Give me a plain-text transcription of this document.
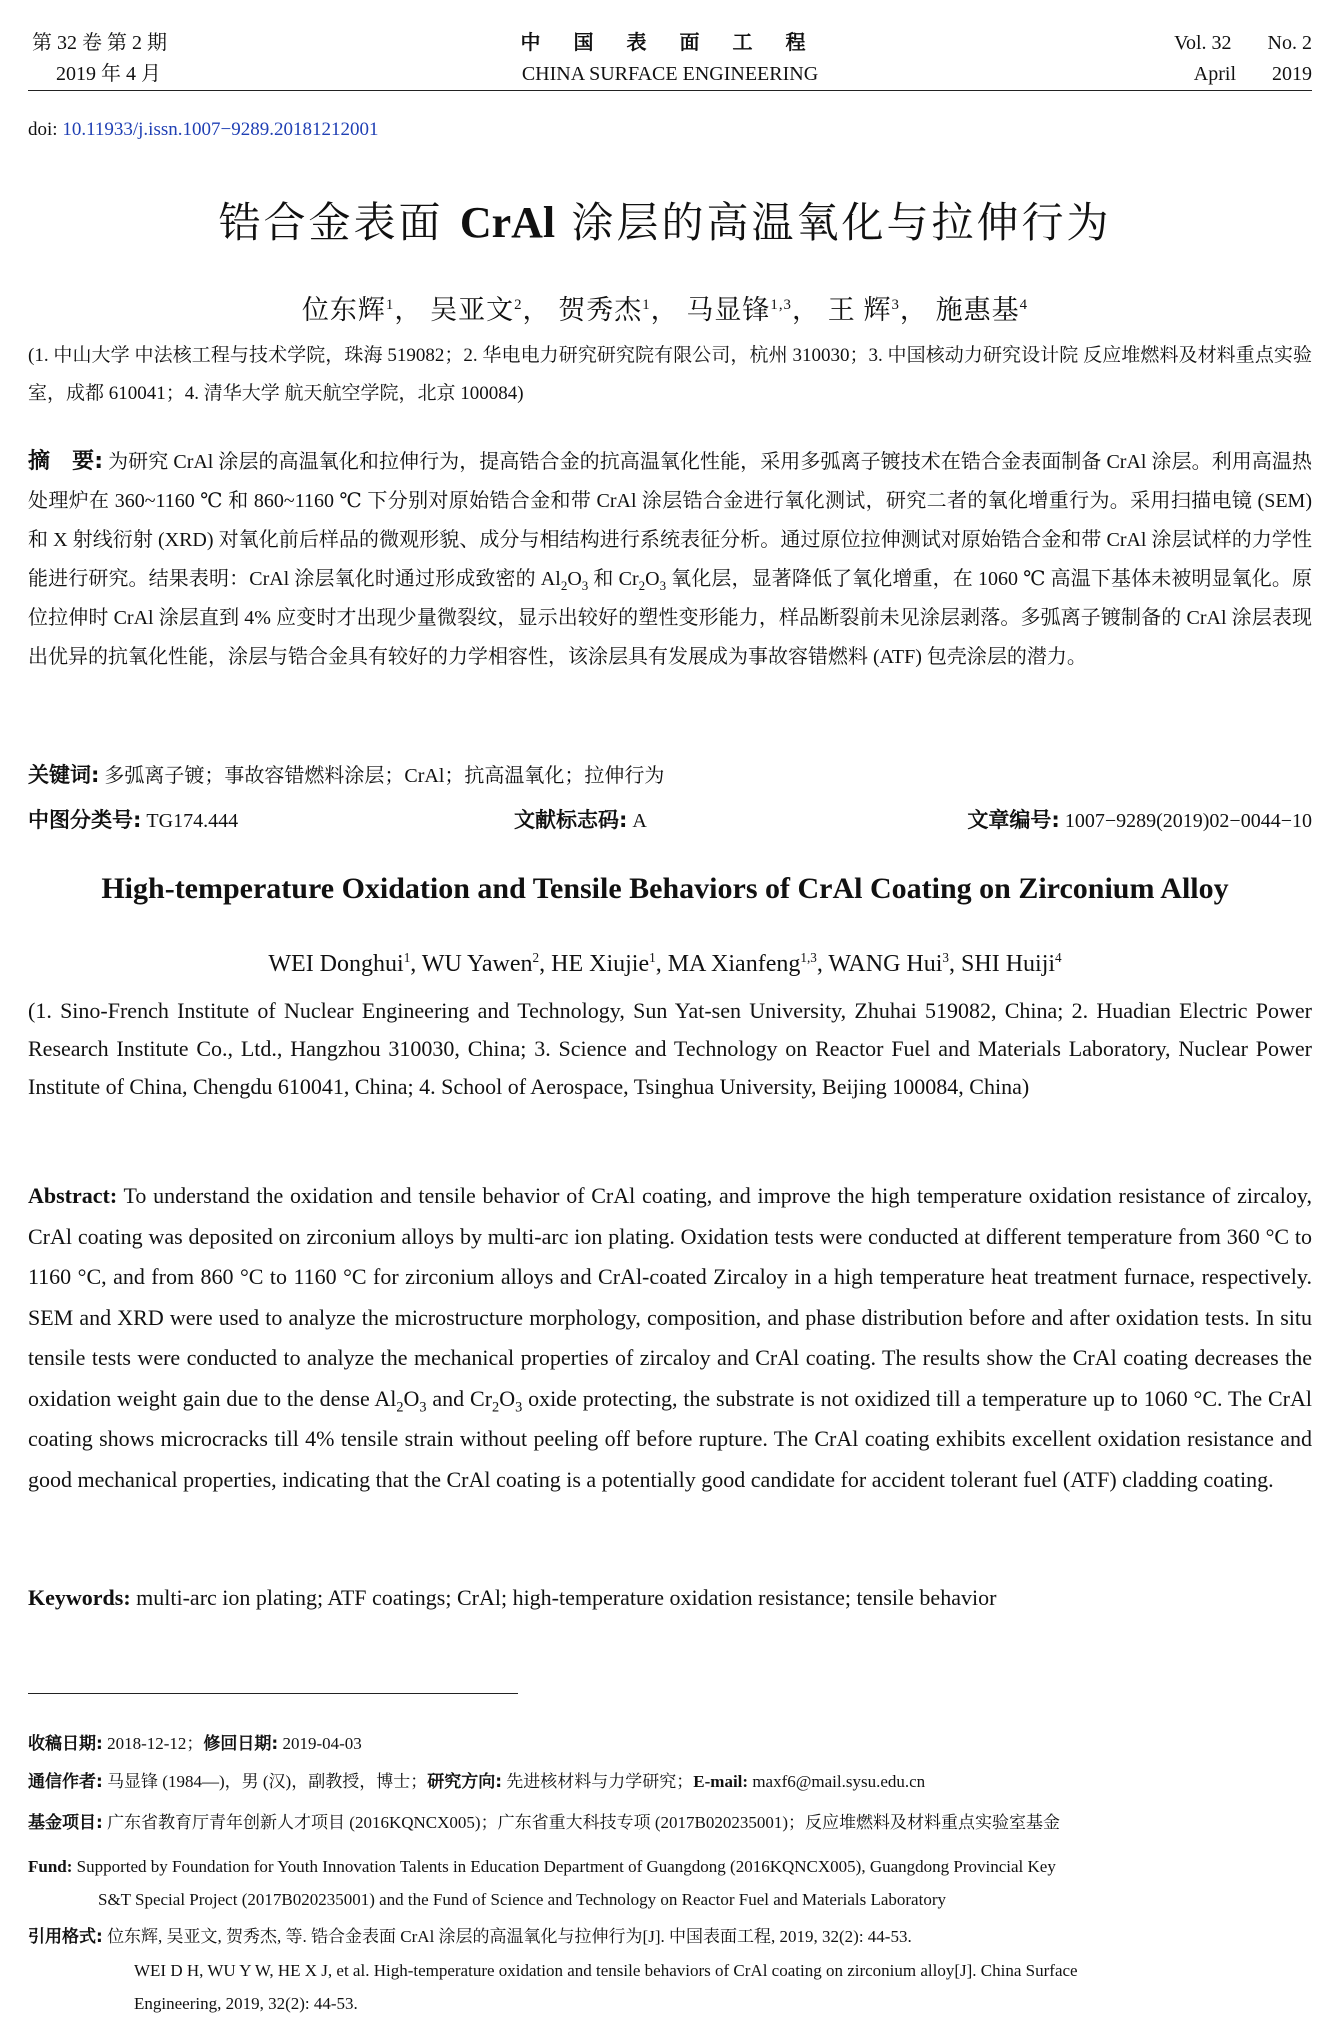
第 32 卷 第 2 期
2019 年 4 月
中 国 表 面 工 程
CHINA SURFACE ENGINEERING
Vol. 32 No. 2
April 2019
doi: 10.11933/j.issn.1007−9289.20181212001
锆合金表面 CrAl 涂层的高温氧化与拉伸行为
位东辉$^1$， 吴亚文$^2$， 贺秀杰$^1$， 马显锋$^{1,3}$， 王 辉$^3$， 施惠基$^4$
(1. 中山大学 中法核工程与技术学院，珠海 519082；2. 华电电力研究研究院有限公司，杭州 310030；3. 中国核动力研究设计院 反应堆燃料及材料重点实验室，成都 610041；4. 清华大学 航天航空学院，北京 100084)
摘　要: 为研究 CrAl 涂层的高温氧化和拉伸行为，提高锆合金的抗高温氧化性能，采用多弧离子镀技术在锆合金表面制备 CrAl 涂层。利用高温热处理炉在 360~1160 ℃ 和 860~1160 ℃ 下分别对原始锆合金和带 CrAl 涂层锆合金进行氧化测试，研究二者的氧化增重行为。采用扫描电镜 (SEM) 和 X 射线衍射 (XRD) 对氧化前后样品的微观形貌、成分与相结构进行系统表征分析。通过原位拉伸测试对原始锆合金和带 CrAl 涂层试样的力学性能进行研究。结果表明：CrAl 涂层氧化时通过形成致密的 $Al_2O_3$ 和 $Cr_2O_3$ 氧化层，显著降低了氧化增重，在 1060 ℃ 高温下基体未被明显氧化。原位拉伸时 CrAl 涂层直到 4% 应变时才出现少量微裂纹，显示出较好的塑性变形能力，样品断裂前未见涂层剥落。多弧离子镀制备的 CrAl 涂层表现出优异的抗氧化性能，涂层与锆合金具有较好的力学相容性，该涂层具有发展成为事故容错燃料 (ATF) 包壳涂层的潜力。
关键词: 多弧离子镀；事故容错燃料涂层；CrAl；抗高温氧化；拉伸行为
中图分类号: TG174.444	文献标志码: A	文章编号: 1007−9289(2019)02−0044−10
High-temperature Oxidation and Tensile Behaviors of CrAl Coating on Zirconium Alloy
WEI Donghui$^1$, WU Yawen$^2$, HE Xiujie$^1$, MA Xianfeng$^{1,3}$, WANG Hui$^3$, SHI Huiji$^4$
(1. Sino-French Institute of Nuclear Engineering and Technology, Sun Yat-sen University, Zhuhai 519082, China; 2. Huadian Electric Power Research Institute Co., Ltd., Hangzhou 310030, China; 3. Science and Technology on Reactor Fuel and Materials Laboratory, Nuclear Power Institute of China, Chengdu 610041, China; 4. School of Aerospace, Tsinghua University, Beijing 100084, China)
Abstract: To understand the oxidation and tensile behavior of CrAl coating, and improve the high temperature oxidation resistance of zircaloy, CrAl coating was deposited on zirconium alloys by multi-arc ion plating. Oxidation tests were conducted at different temperature from 360 °C to 1160 °C, and from 860 °C to 1160 °C for zirconium alloys and CrAl-coated Zircaloy in a high temperature heat treatment furnace, respectively. SEM and XRD were used to analyze the microstructure morphology, composition, and phase distribution before and after oxidation tests. In situ tensile tests were conducted to analyze the mechanical properties of zircaloy and CrAl coating. The results show the CrAl coating decreases the oxidation weight gain due to the dense $Al_2O_3$ and $Cr_2O_3$ oxide protecting, the substrate is not oxidized till a temperature up to 1060 °C. The CrAl coating shows microcracks till 4% tensile strain without peeling off before rupture. The CrAl coating exhibits excellent oxidation resistance and good mechanical properties, indicating that the CrAl coating is a potentially good candidate for accident tolerant fuel (ATF) cladding coating.
Keywords: multi-arc ion plating; ATF coatings; CrAl; high-temperature oxidation resistance; tensile behavior
收稿日期: 2018-12-12；修回日期: 2019-04-03
通信作者: 马显锋 (1984—)，男 (汉)，副教授，博士；研究方向: 先进核材料与力学研究；E-mail: maxf6@mail.sysu.edu.cn
基金项目: 广东省教育厅青年创新人才项目 (2016KQNCX005)；广东省重大科技专项 (2017B020235001)；反应堆燃料及材料重点实验室基金
Fund: Supported by Foundation for Youth Innovation Talents in Education Department of Guangdong (2016KQNCX005), Guangdong Provincial Key
S&T Special Project (2017B020235001) and the Fund of Science and Technology on Reactor Fuel and Materials Laboratory
引用格式: 位东辉, 吴亚文, 贺秀杰, 等. 锆合金表面 CrAl 涂层的高温氧化与拉伸行为[J]. 中国表面工程, 2019, 32(2): 44-53.
WEI D H, WU Y W, HE X J, et al. High-temperature oxidation and tensile behaviors of CrAl coating on zirconium alloy[J]. China Surface
Engineering, 2019, 32(2): 44-53.
